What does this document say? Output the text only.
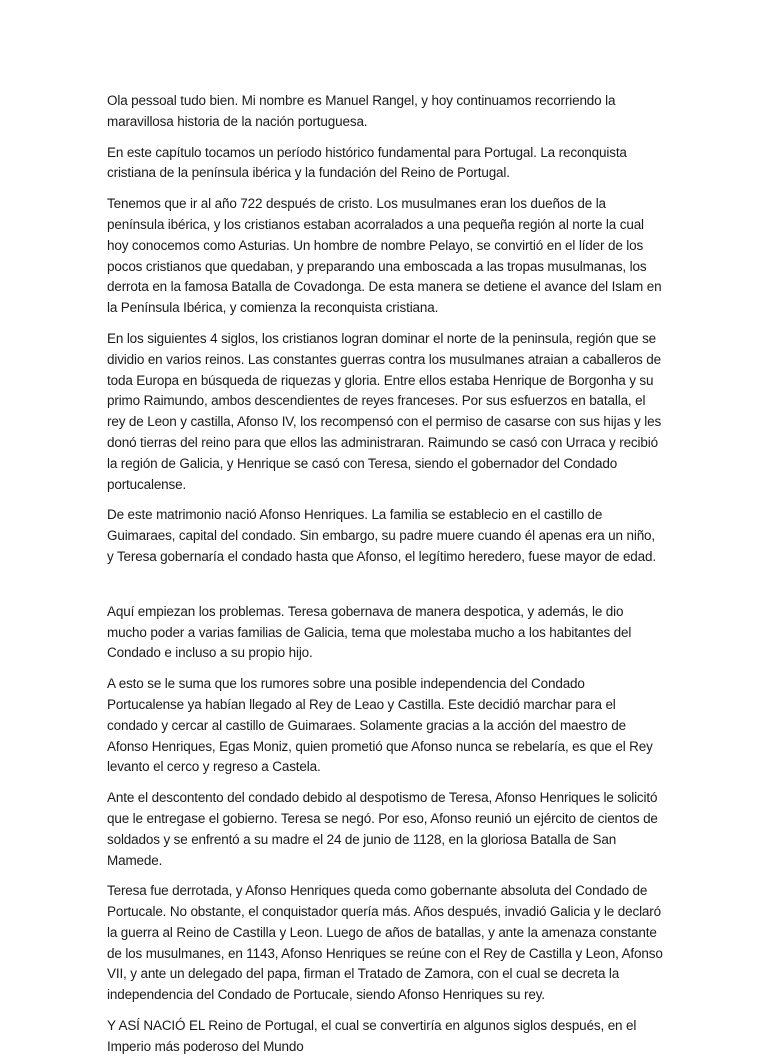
Ola pessoal tudo bien. Mi nombre es Manuel Rangel, y hoy continuamos recorriendo la maravillosa historia de la nación portuguesa.

En este capítulo tocamos un período histórico fundamental para Portugal. La reconquista cristiana de la península ibérica y la fundación del Reino de Portugal.

Tenemos que ir al año 722 después de cristo. Los musulmanes eran los dueños de la península ibérica, y los cristianos estaban acorralados a una pequeña región al norte la cual hoy conocemos como Asturias. Un hombre de nombre Pelayo, se convirtió en el líder de los pocos cristianos que quedaban, y preparando una emboscada a las tropas musulmanas, los derrota en la famosa Batalla de Covadonga. De esta manera se detiene el avance del Islam en la Península Ibérica, y comienza la reconquista cristiana.

En los siguientes 4 siglos, los cristianos logran dominar el norte de la peninsula, región que se dividio en varios reinos. Las constantes guerras contra los musulmanes atraian a caballeros de toda Europa en búsqueda de riquezas y gloria. Entre ellos estaba Henrique de Borgonha y su primo Raimundo, ambos descendientes de reyes franceses. Por sus esfuerzos en batalla, el rey de Leon y castilla, Afonso IV, los recompensó con el permiso de casarse con sus hijas y les donó tierras del reino para que ellos las administraran. Raimundo se casó con Urraca y recibió la región de Galicia, y Henrique se casó con Teresa, siendo el gobernador del Condado portucalense.

De este matrimonio nació Afonso Henriques. La familia se establecio en el castillo de Guimaraes, capital del condado. Sin embargo, su padre muere cuando él apenas era un niño, y Teresa gobernaría el condado hasta que Afonso, el legítimo heredero, fuese mayor de edad.

Aquí empiezan los problemas. Teresa gobernava de manera despotica, y además, le dio mucho poder a varias familias de Galicia, tema que molestaba mucho a los habitantes del Condado e incluso a su propio hijo.

A esto se le suma que los rumores sobre una posible independencia del Condado Portucalense ya habían llegado al Rey de Leao y Castilla. Este decidió marchar para el condado y cercar al castillo de Guimaraes. Solamente gracias a la acción del maestro de Afonso Henriques, Egas Moniz, quien prometió que Afonso nunca se rebelaría, es que el Rey levanto el cerco y regreso a Castela.

Ante el descontento del condado debido al despotismo de Teresa, Afonso Henriques le solicitó que le entregase el gobierno. Teresa se negó. Por eso, Afonso reunió un ejército de cientos de soldados y se enfrentó a su madre el 24 de junio de 1128, en la gloriosa Batalla de San Mamede.

Teresa fue derrotada, y Afonso Henriques queda como gobernante absoluta del Condado de Portucale. No obstante, el conquistador quería más. Años después, invadió Galicia y le declaró la guerra al Reino de Castilla y Leon. Luego de años de batallas, y ante la amenaza constante de los musulmanes, en 1143, Afonso Henriques se reúne con el Rey de Castilla y Leon, Afonso VII, y ante un delegado del papa, firman el Tratado de Zamora, con el cual se decreta la independencia del Condado de Portucale, siendo Afonso Henriques su rey.

Y ASÍ NACIÓ EL Reino de Portugal, el cual se convertiría en algunos siglos después, en el Imperio más poderoso del Mundo
